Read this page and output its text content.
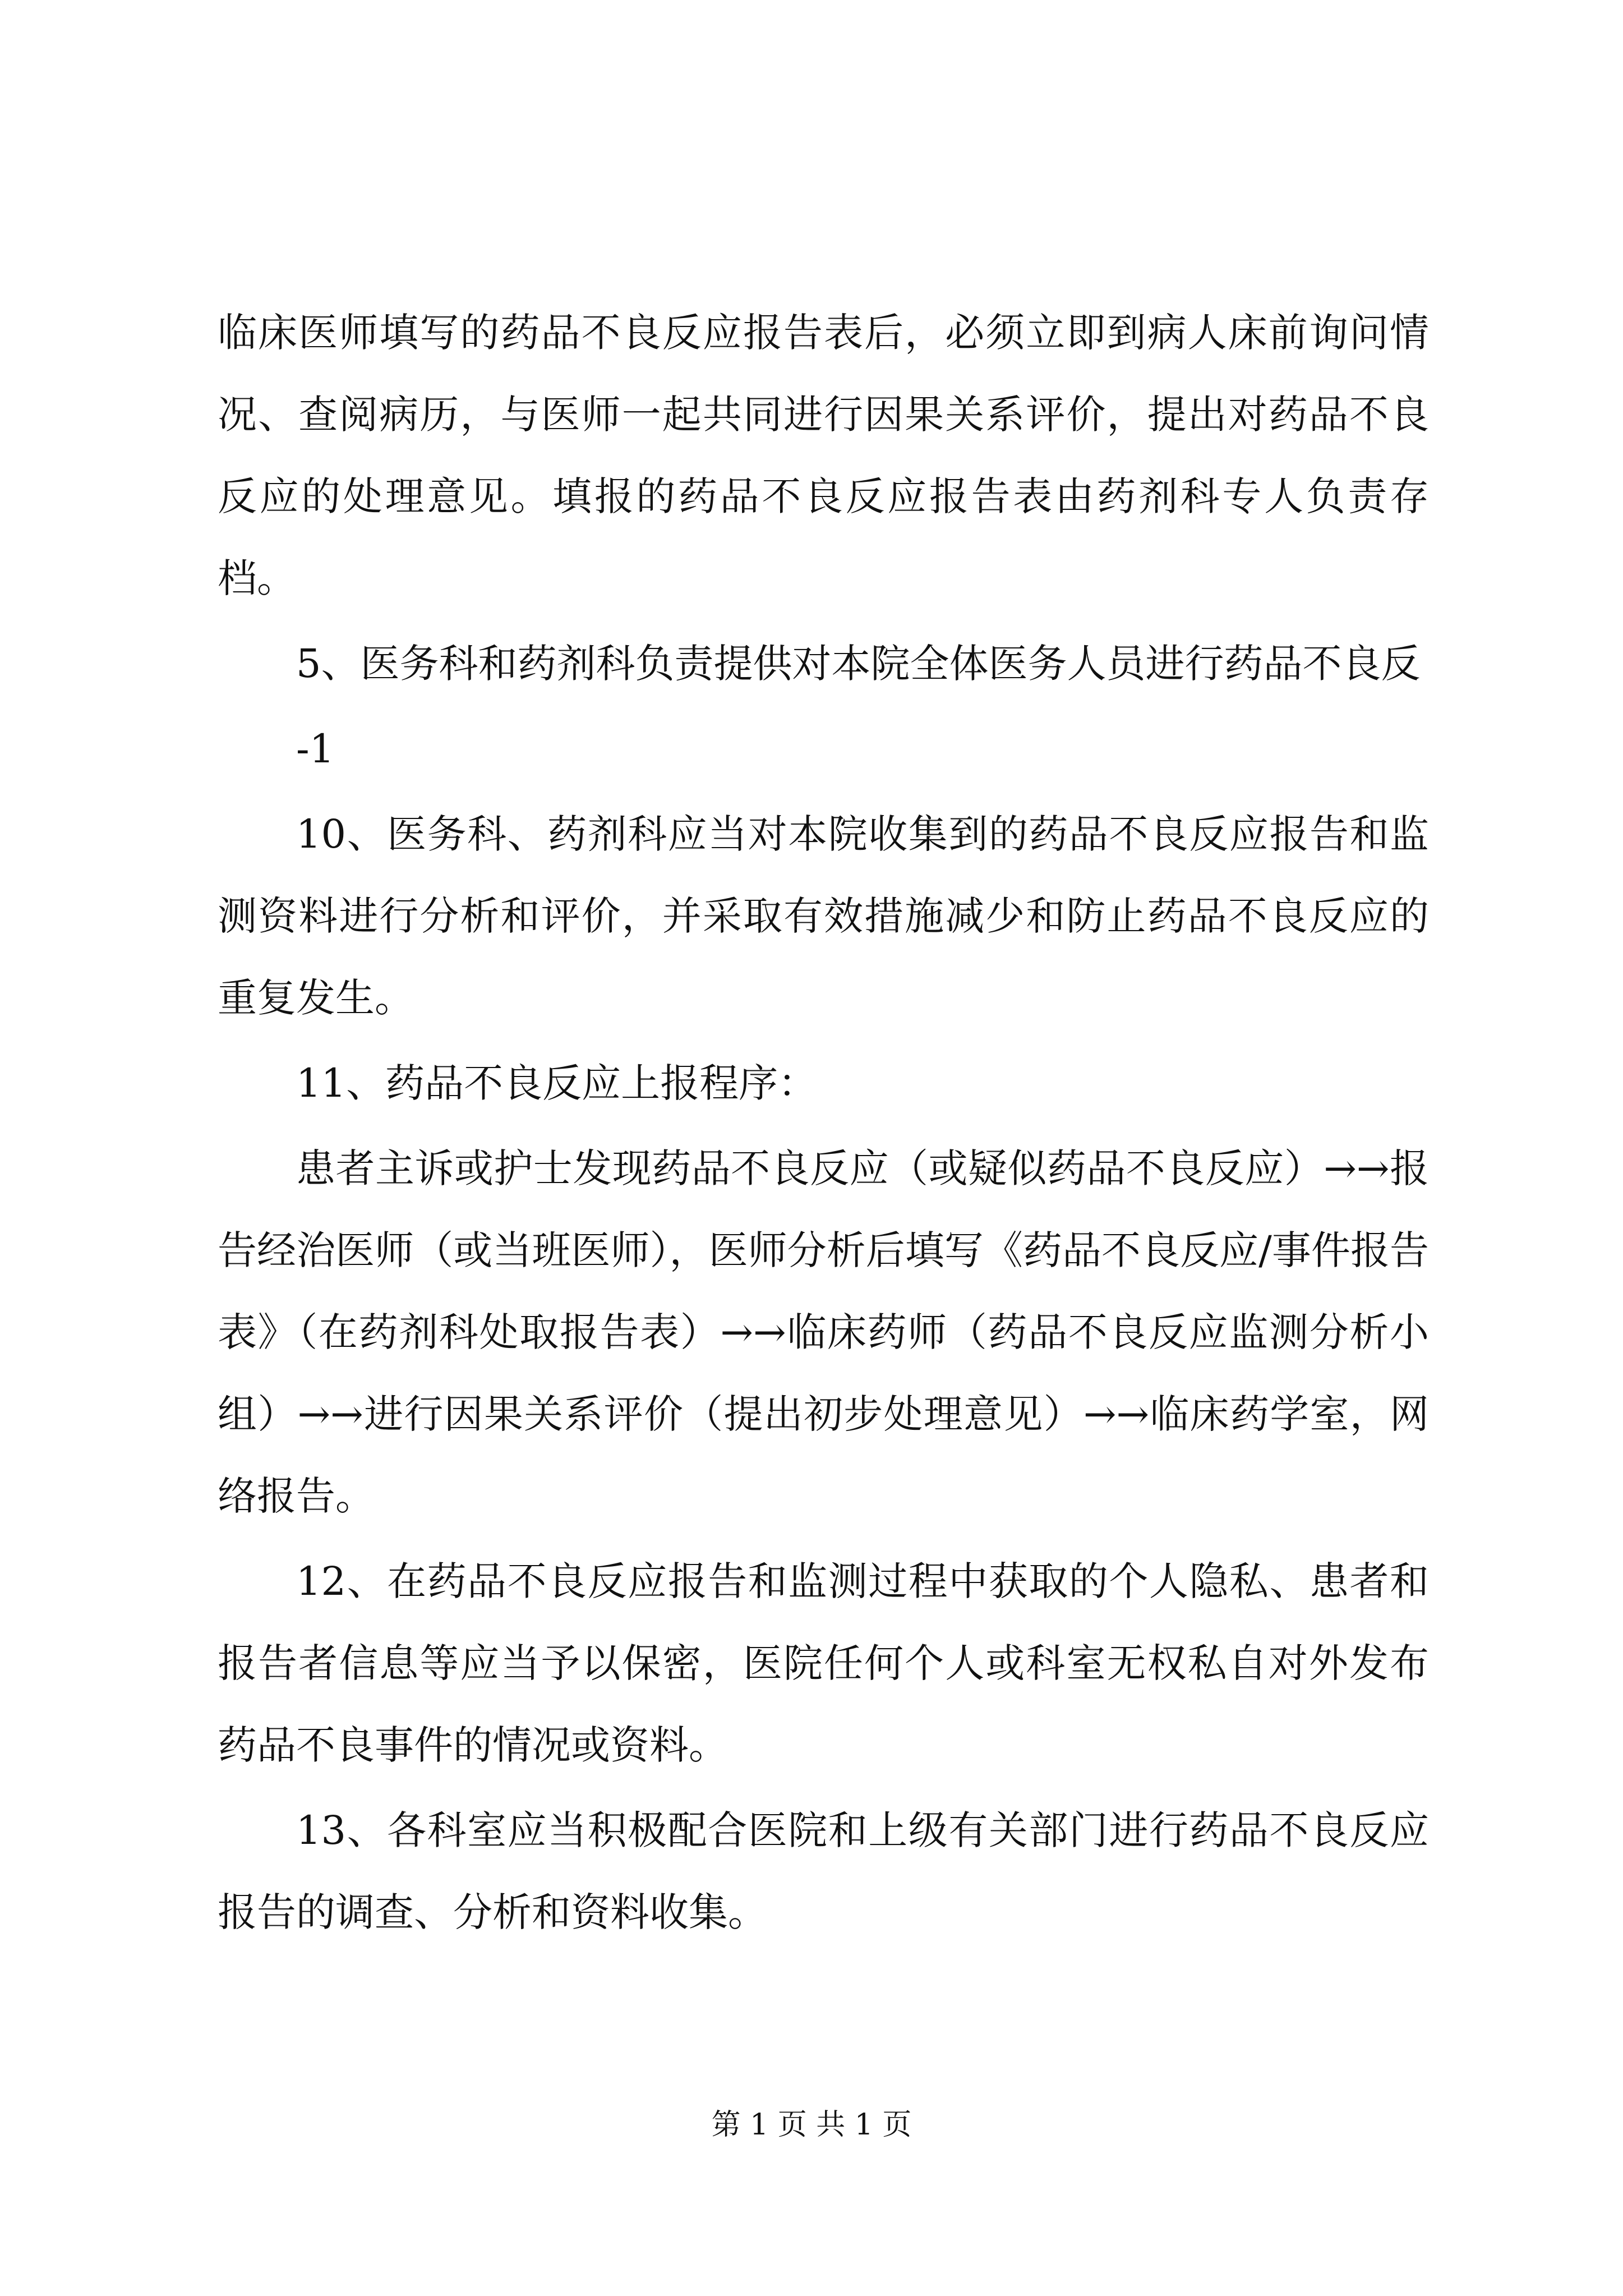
临床医师填写的药品不良反应报告表后，必须立即到病人床前询问情况、查阅病历，与医师一起共同进行因果关系评价，提出对药品不良反应的处理意见。填报的药品不良反应报告表由药剂科专人负责存档。

5、医务科和药剂科负责提供对本院全体医务人员进行药品不良反

-1

10、医务科、药剂科应当对本院收集到的药品不良反应报告和监测资料进行分析和评价，并采取有效措施减少和防止药品不良反应的重复发生。

11、药品不良反应上报程序：

患者主诉或护士发现药品不良反应（或疑似药品不良反应）→→报告经治医师（或当班医师），医师分析后填写《药品不良反应/事件报告表》（在药剂科处取报告表）→→临床药师（药品不良反应监测分析小组）→→进行因果关系评价（提出初步处理意见）→→临床药学室，网络报告。

12、在药品不良反应报告和监测过程中获取的个人隐私、患者和报告者信息等应当予以保密，医院任何个人或科室无权私自对外发布药品不良事件的情况或资料。

13、各科室应当积极配合医院和上级有关部门进行药品不良反应报告的调查、分析和资料收集。

第 1 页 共 1 页
